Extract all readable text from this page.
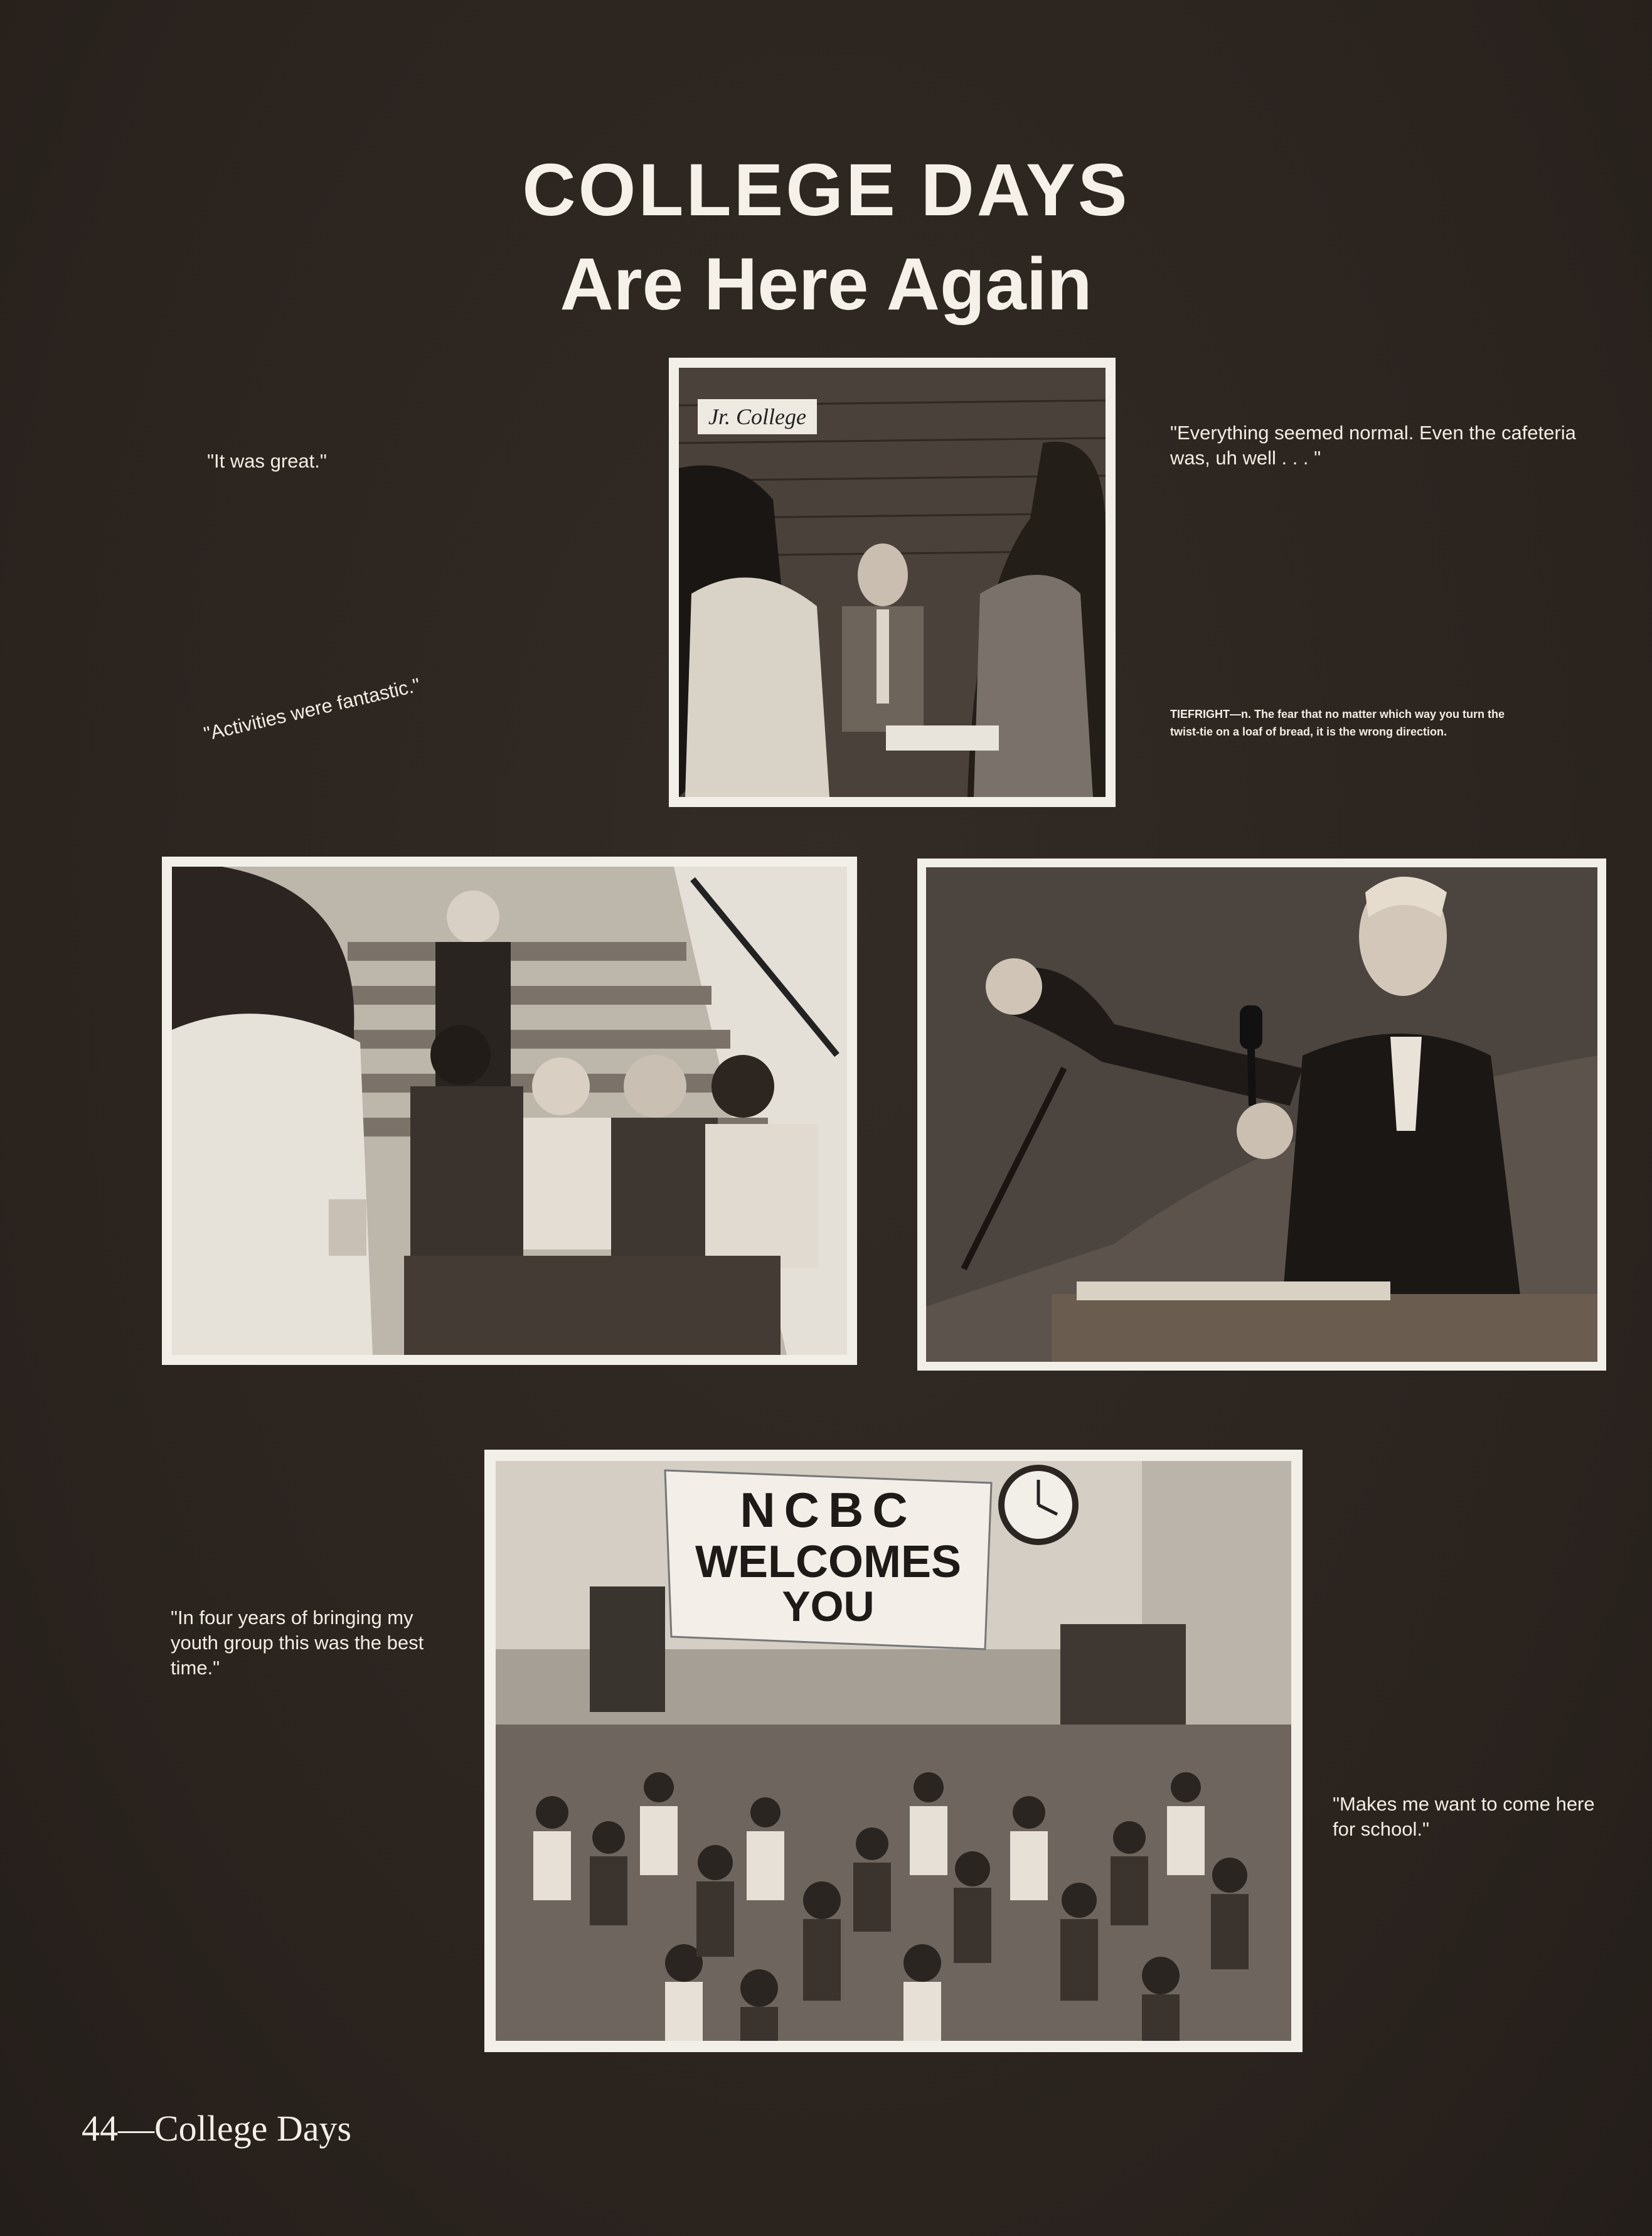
COLLEGE DAYS
Are Here Again
"It was great."
"Activities were fantastic."
"Everything seemed normal. Even the cafeteria
was, uh well . . . "
TIEFRIGHT—n. The fear that no matter which way you turn the
twist-tie on a loaf of bread, it is the wrong direction.
Jr. College
NCBC
WELCOMES
YOU
"In four years of bringing my
youth group this was the best
time."
"Makes me want to come here
for school."
44—College Days
